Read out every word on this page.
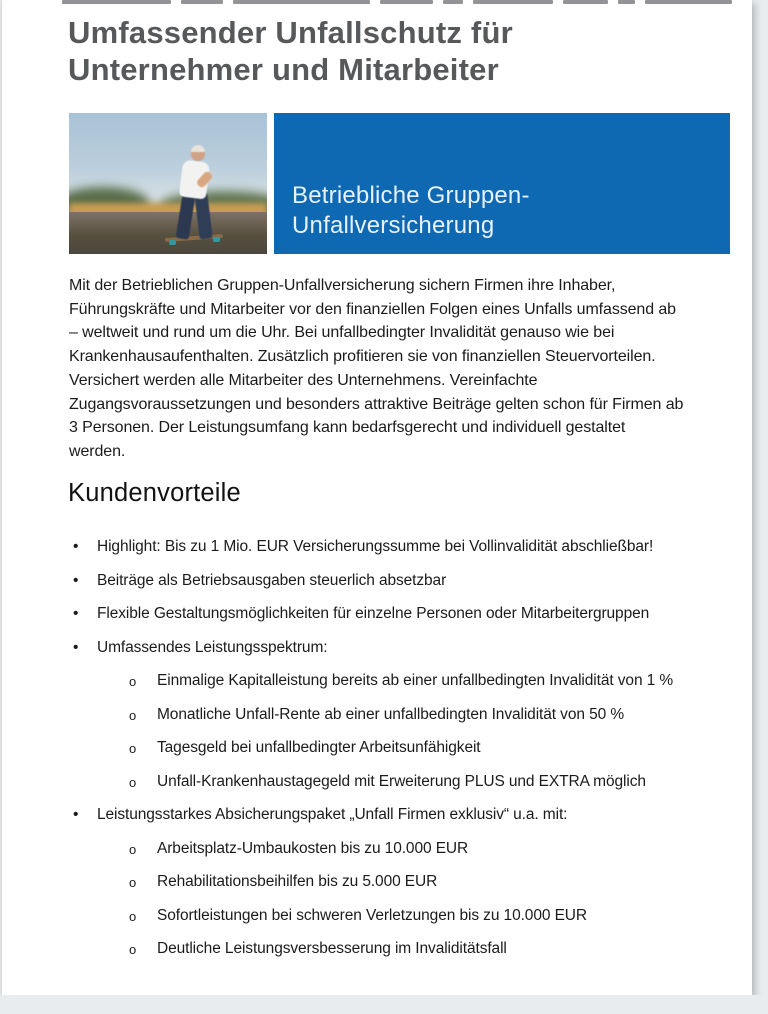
Umfassender Unfallschutz für
Unternehmer und Mitarbeiter
Betriebliche Gruppen-
Unfallversicherung
Mit der Betrieblichen Gruppen-Unfallversicherung sichern Firmen ihre Inhaber,
Führungskräfte und Mitarbeiter vor den finanziellen Folgen eines Unfalls umfassend ab
– weltweit und rund um die Uhr. Bei unfallbedingter Invalidität genauso wie bei
Krankenhausaufenthalten. Zusätzlich profitieren sie von finanziellen Steuervorteilen.
Versichert werden alle Mitarbeiter des Unternehmens. Vereinfachte
Zugangsvoraussetzungen und besonders attraktive Beiträge gelten schon für Firmen ab
3 Personen. Der Leistungsumfang kann bedarfsgerecht und individuell gestaltet
werden.
Kundenvorteile
• Highlight: Bis zu 1 Mio. EUR Versicherungssumme bei Vollinvalidität abschließbar!
• Beiträge als Betriebsausgaben steuerlich absetzbar
• Flexible Gestaltungsmöglichkeiten für einzelne Personen oder Mitarbeitergruppen
• Umfassendes Leistungsspektrum:
o Einmalige Kapitalleistung bereits ab einer unfallbedingten Invalidität von 1 %
o Monatliche Unfall-Rente ab einer unfallbedingten Invalidität von 50 %
o Tagesgeld bei unfallbedingter Arbeitsunfähigkeit
o Unfall-Krankenhaustagegeld mit Erweiterung PLUS und EXTRA möglich
• Leistungsstarkes Absicherungspaket „Unfall Firmen exklusiv“ u.a. mit:
o Arbeitsplatz-Umbaukosten bis zu 10.000 EUR
o Rehabilitationsbeihilfen bis zu 5.000 EUR
o Sofortleistungen bei schweren Verletzungen bis zu 10.000 EUR
o Deutliche Leistungsversbesserung im Invaliditätsfall
